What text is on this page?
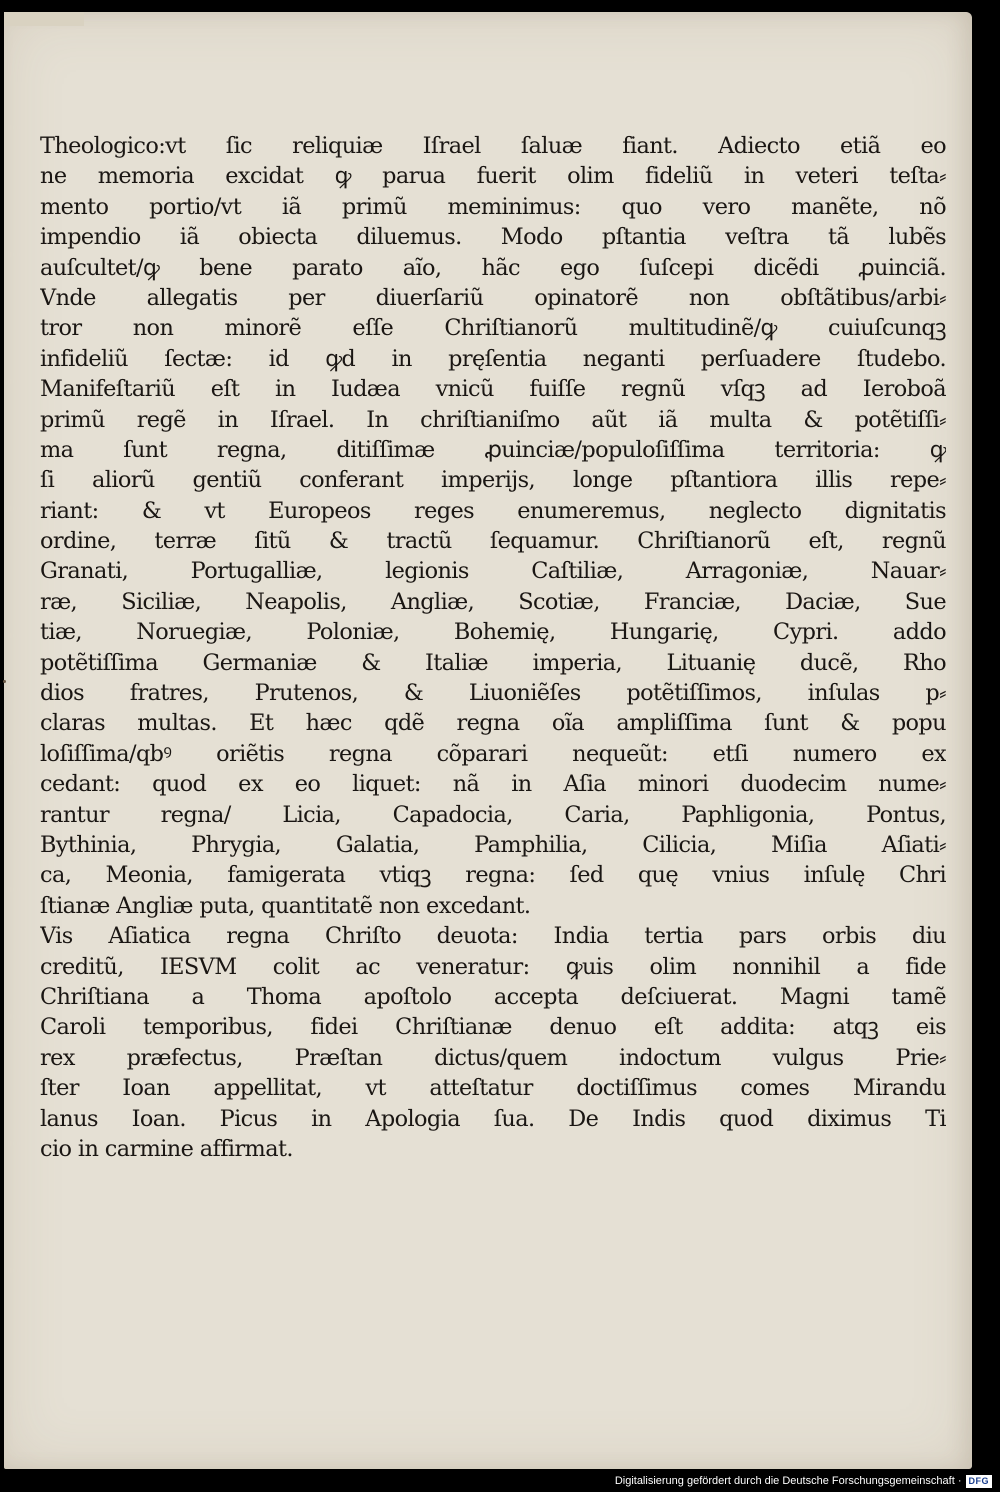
Theologico:vt ſic reliquiæ Iſrael ſaluæ fiant. Adiecto etiã eo
ne memoria excidat ꝙ parua fuerit olim fideliũ in veteri teſta⸗
mento portio/vt iã primũ meminimus: quo vero manẽte, nõ
impendio iã obiecta diluemus. Modo pſtantia veſtra tã lubẽs
auſcultet/ꝙ bene parato aĩo, hãc ego ſuſcepi dicẽdi ꝓuinciã.
Vnde allegatis per diuerſariũ opinatorẽ non obſtãtibus/arbi⸗
tror non minorẽ eſſe Chriſtianorũ multitudinẽ/ꝙ cuiuſcunqꝫ
infideliũ ſectæ: id ꝙd in pręſentia neganti perſuadere ſtudebo.
Manifeſtariũ eſt in Iudæa vnicũ fuiſſe regnũ vſqꝫ ad Ieroboã
primũ regẽ in Iſrael. In chriſtianiſmo aũt iã multa & potẽtiſſi⸗
ma ſunt regna, ditiſſimæ ꝓuinciæ/populoſiſſima territoria: ꝙ
ſi aliorũ gentiũ conferant imperijs, longe pſtantiora illis repe⸗
riant: & vt Europeos reges enumeremus, neglecto dignitatis
ordine, terræ ſitũ & tractũ ſequamur. Chriſtianorũ eſt, regnũ
Granati, Portugalliæ, legionis Caſtiliæ, Arragoniæ, Nauar⸗
ræ, Siciliæ, Neapolis, Angliæ, Scotiæ, Franciæ, Daciæ, Sue
tiæ, Noruegiæ, Poloniæ, Bohemię, Hungarię, Cypri. addo
potẽtiſſima Germaniæ & Italiæ imperia, Lituanię ducẽ, Rho
dios fratres, Prutenos, & Liuoniẽſes potẽtiſſimos, inſulas p⸗
claras multas. Et hæc qdẽ regna oĩa ampliſſima ſunt & popu
loſiſſima/qbꝰ oriẽtis regna cõparari nequeũt: etſi numero ex
cedant: quod ex eo liquet: nã in Aſia minori duodecim nume⸗
rantur regna/ Licia, Capadocia, Caria, Paphligonia, Pontus,
Bythinia, Phrygia, Galatia, Pamphilia, Cilicia, Miſia Aſiati⸗
ca, Meonia, famigerata vtiqꝫ regna: ſed quę vnius inſulę Chri
ſtianæ Angliæ puta, quantitatẽ non excedant.
Vis Aſiatica regna Chriſto deuota: India tertia pars orbis diu
creditũ, IESVM colit ac veneratur: ꝙuis olim nonnihil a fide
Chriſtiana a Thoma apoſtolo accepta deſciuerat. Magni tamẽ
Caroli temporibus, fidei Chriſtianæ denuo eſt addita: atqꝫ eis
rex præfectus, Præſtan dictus/quem indoctum vulgus Prie⸗
ſter Ioan appellitat, vt atteſtatur doctiſſimus comes Mirandu
lanus Ioan. Picus in Apologia ſua. De Indis quod diximus Ti
cio in carmine affirmat.
Digitalisierung gefördert durch die Deutsche Forschungsgemeinschaft · DFG
